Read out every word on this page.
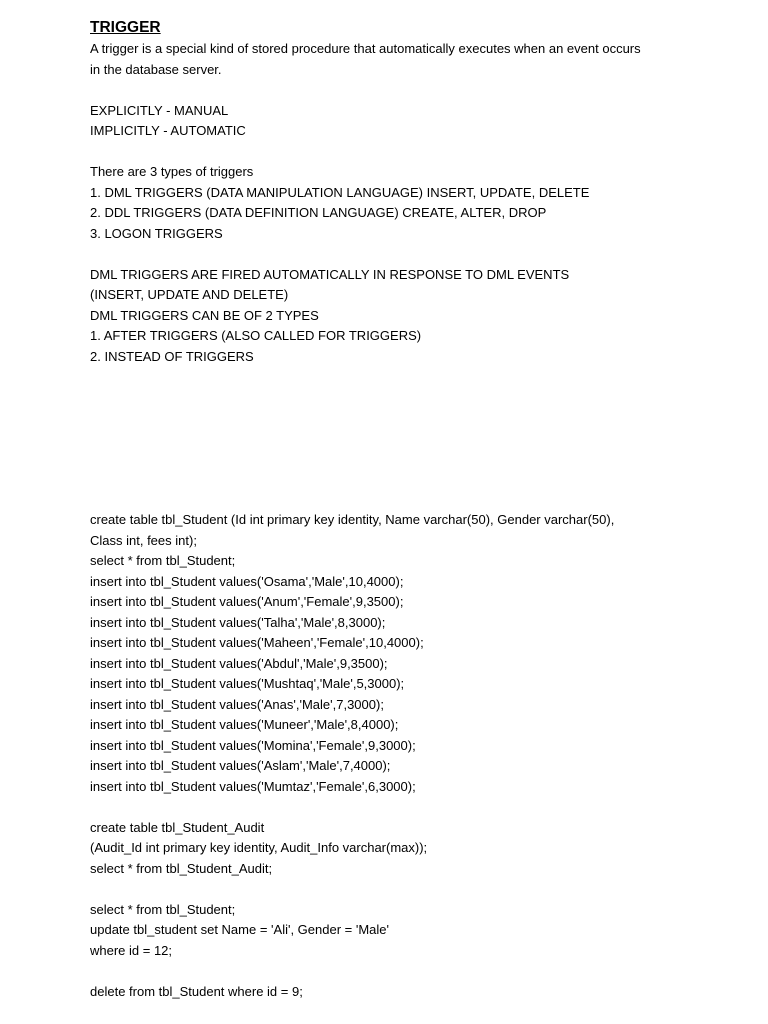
TRIGGER
A trigger is a special kind of stored procedure that automatically executes when an event occurs
in the database server.
EXPLICITLY - MANUAL
IMPLICITLY - AUTOMATIC
There are 3 types of triggers
1. DML TRIGGERS (DATA MANIPULATION LANGUAGE) INSERT, UPDATE, DELETE
2. DDL TRIGGERS (DATA DEFINITION LANGUAGE) CREATE, ALTER, DROP
3. LOGON TRIGGERS
DML TRIGGERS ARE FIRED AUTOMATICALLY IN RESPONSE TO DML EVENTS
(INSERT, UPDATE AND DELETE)
DML TRIGGERS CAN BE OF 2 TYPES
1. AFTER TRIGGERS (ALSO CALLED FOR TRIGGERS)
2. INSTEAD OF TRIGGERS
create table tbl_Student (Id int primary key identity, Name varchar(50), Gender varchar(50),
Class int, fees int);
select * from tbl_Student;
insert into tbl_Student values('Osama','Male',10,4000);
insert into tbl_Student values('Anum','Female',9,3500);
insert into tbl_Student values('Talha','Male',8,3000);
insert into tbl_Student values('Maheen','Female',10,4000);
insert into tbl_Student values('Abdul','Male',9,3500);
insert into tbl_Student values('Mushtaq','Male',5,3000);
insert into tbl_Student values('Anas','Male',7,3000);
insert into tbl_Student values('Muneer','Male',8,4000);
insert into tbl_Student values('Momina','Female',9,3000);
insert into tbl_Student values('Aslam','Male',7,4000);
insert into tbl_Student values('Mumtaz','Female',6,3000);
create table tbl_Student_Audit
(Audit_Id int primary key identity, Audit_Info varchar(max));
select * from tbl_Student_Audit;
select * from tbl_Student;
update tbl_student set Name = 'Ali', Gender = 'Male'
where id = 12;
delete from tbl_Student where id = 9;
